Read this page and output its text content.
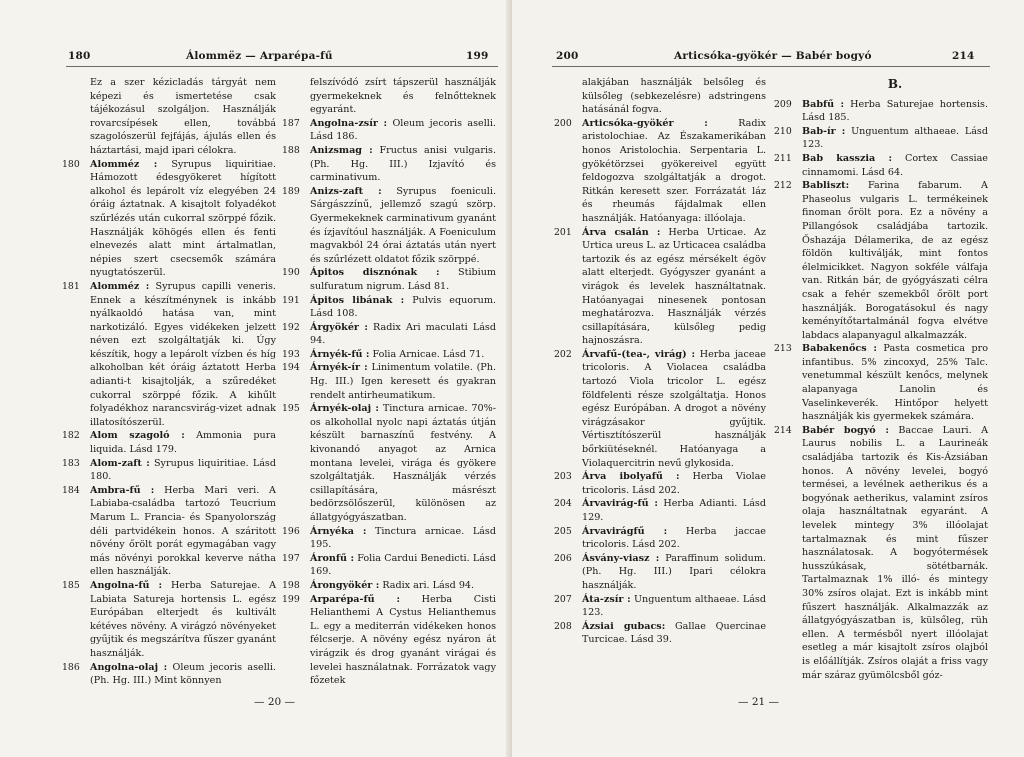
180	Álommëz — Arparépa-fű	199
Ez a szer kézicladás tárgyát nem képezi és ismertetése csak tájékozásul szolgáljon. Használják rovarcsípések ellen, továbbá szagolószerül fejfájás, ájulás ellen és háztartási, majd ipari célokra.
180	Alomméz : Syrupus liquiritiae. Hámozott édesgyökeret hígított alkohol és lepárolt víz elegyében 24 óráig áztatnak. A kisajtolt folyadékot szűrlézés után cukorral szörppé főzik. Használják köhögés ellen és fenti elnevezés alatt mint ártalmatlan, népies szert csecsemők számára nyugtatószerül.
181	Alomméz : Syrupus capilli veneris. Ennek a készítménynek is inkább nyálkaoldó hatása van, mint narkotizáló. Egyes vidékeken jelzett néven ezt szolgáltatják ki. Úgy készítik, hogy a lepárolt vízben és híg alkoholban két óráig áztatott Herba adianti-t kisajtolják, a szűredéket cukorral szörppé főzik. A kihűlt folyadékhoz narancsvirág-vizet adnak illatosítószerül.
182	Alom szagoló : Ammonia pura liquida. Lásd 179.
183	Alom-zaft : Syrupus liquiritiae. Lásd 180.
184	Ambra-fű : Herba Mari veri. A Labiaba-családba tartozó Teucrium Marum L. Francia- és Spanyolország déli partvidékein honos. A száritott növény őrölt porát egymagában vagy más növényi porokkal keverve nátha ellen használják.
185	Angolna-fű : Herba Saturejae. A Labiata Satureja hortensis L. egész Európában elterjedt és kultivált kétéves növény. A virágzó növényeket gyűjtik és megszárítva fűszer gyanánt használják.
186	Angolna-olaj : Oleum jecoris aselli. (Ph. Hg. III.) Mint könnyen
felszívódó zsírt tápszerül használják gyermekeknek és felnőtteknek egyaránt.
187	Angolna-zsír : Oleum jecoris aselli. Lásd 186.
188	Anizsmag : Fructus anisi vulgaris. (Ph. Hg. III.) Izjavító és carminativum.
189	Anizs-zaft : Syrupus foeniculi. Sárgászzínű, jellemző szagú szörp. Gyermekeknek carminativum gyanánt és ízjavítóul használják. A Foeniculum magvakból 24 órai áztatás után nyert és szűrlézett oldatot főzik szörppé.
190	Ápitos disznónak : Stibium sulfuratum nigrum. Lásd 81.
191	Ápitos libának : Pulvis equorum. Lásd 108.
192	Árgyökér : Radix Ari maculati Lásd 94.
193	Árnyék-fű : Folia Arnicae. Lásd 71.
194	Árnyék-ír : Linimentum volatile. (Ph. Hg. III.) Igen keresett és gyakran rendelt antirheumatikum.
195	Árnyék-olaj : Tinctura arnicae. 70%-os alkohollal nyolc napi áztatás útján készült barnaszínű festvény. A kivonandó anyagot az Arnica montana levelei, virága és gyökere szolgáltatják. Használják vérzés csillapítására, másrészt bedörzsölőszerül, különösen az állatgyógyászatban.
196	Árnyéka : Tinctura arnicae. Lásd 195.
197	Áronfű : Folia Cardui Benedicti. Lásd 169.
198	Árongyökér : Radix ari. Lásd 94.
199	Arparépa-fű : Herba Cisti Helianthemi A Cystus Helianthemus L. egy a mediterrán vidékeken honos félcserje. A növény egész nyáron át virágzik és drog gyanánt virágai és levelei használatnak. Forrázatok vagy főzetek
— 20 —
200	Articsóka-gyökér — Babér bogyó	214
alakjában használják belsőleg és külsőleg (sebkezelésre) adstringens hatásánál fogva.
200	Articsóka-gyökér :	Radix aristolochiae. Az Északamerikában honos Aristolochia. Serpentaria L. gyökétörzsei gyökereivel együtt feldogozva szolgáltatják a drogot. Ritkán keresett szer. Forrázatát láz és rheumás fájdalmak ellen használják. Hatóanyaga: illóolaja.
201	Árva csalán : Herba Urticae. Az Urtica ureus L. az Urticacea családba tartozik és az egész mérsékelt égöv alatt elterjedt. Gyógyszer gyanánt a virágok és levelek használtatnak. Hatóanyagai ninesenek pontosan meghatározva. Használják vérzés csillapítására, külsőleg pedig hajnoszásra.
202	Árvafű-(tea-, virág) : Herba jaceae tricoloris. A Violacea családba tartozó Viola tricolor L. egész földfelenti része szolgáltatja. Honos egész Európában. A drogot a növény virágzásakor gyűjtik. Vértisztítószerül használják bőrkiütéseknél. Hatóanyaga a Violaquercitrin nevű glykosida.
203	Árva ibolyafű : Herba Violae tricoloris. Lásd 202.
204	Árvavirág-fű : Herba Adianti. Lásd 129.
205	Árvavirágfű : Herba jaccae tricoloris. Lásd 202.
206	Ásvány-viasz : Paraffinum solidum. (Ph. Hg. III.) Ipari célokra használják.
207	Áta-zsír : Unguentum althaeae. Lásd 123.
208	Ázsiai gubacs: Gallae Quercinae Turcicae. Lásd 39.
B.
209	Babfű : Herba Saturejae hortensis. Lásd 185.
210	Bab-ír : Unguentum althaeae. Lásd 123.
211	Bab kasszia : Cortex Cassiae cinnamomi. Lásd 64.
212	Babliszt: Farina fabarum. A Phaseolus vulgaris L. termékeinek finoman őrölt pora. Ez a növény a Pillangósok családjába tartozik. Őshazája Délamerika, de az egész földön kultiválják, mint fontos élelmicikket. Nagyon sokféle válfaja van. Ritkán bár, de gyógyászati célra csak a fehér szemekből őrölt port használják. Borogatásokul és nagy keményítőtartalmánál fogva elvétve labdacs alapanyagul alkalmazzák.
213	Babakenőcs : Pasta cosmetica pro infantibus. 5% zincoxyd, 25% Talc. venetummal készült kenőcs, melynek alapanyaga Lanolin és Vaselinkeverék. Hintőpor helyett használják kis gyermekek számára.
214	Babér bogyó : Baccae Lauri. A Laurus nobilis L. a Laurineák családjába tartozik és Kis-Ázsiában honos. A növény levelei, bogyó termései, a levélnek aetherikus és a bogyónak aetherikus, valamint zsíros olaja használtatnak egyaránt. A levelek mintegy 3% illóolajat tartalmaznak és mint fűszer használatosak. A bogyótermések husszúkásak, sötétbarnák. Tartalmaznak 1% illó- és mintegy 30% zsíros olajat. Ezt is inkább mint fűszert használják. Alkalmazzák az állatgyógyászatban is, külsőleg, rüh ellen. A termésből nyert illóolajat esetleg a már kisajtolt zsíros olajból is előállítják. Zsíros olaját a friss vagy már száraz gyümölcsből góz-
— 21 —
